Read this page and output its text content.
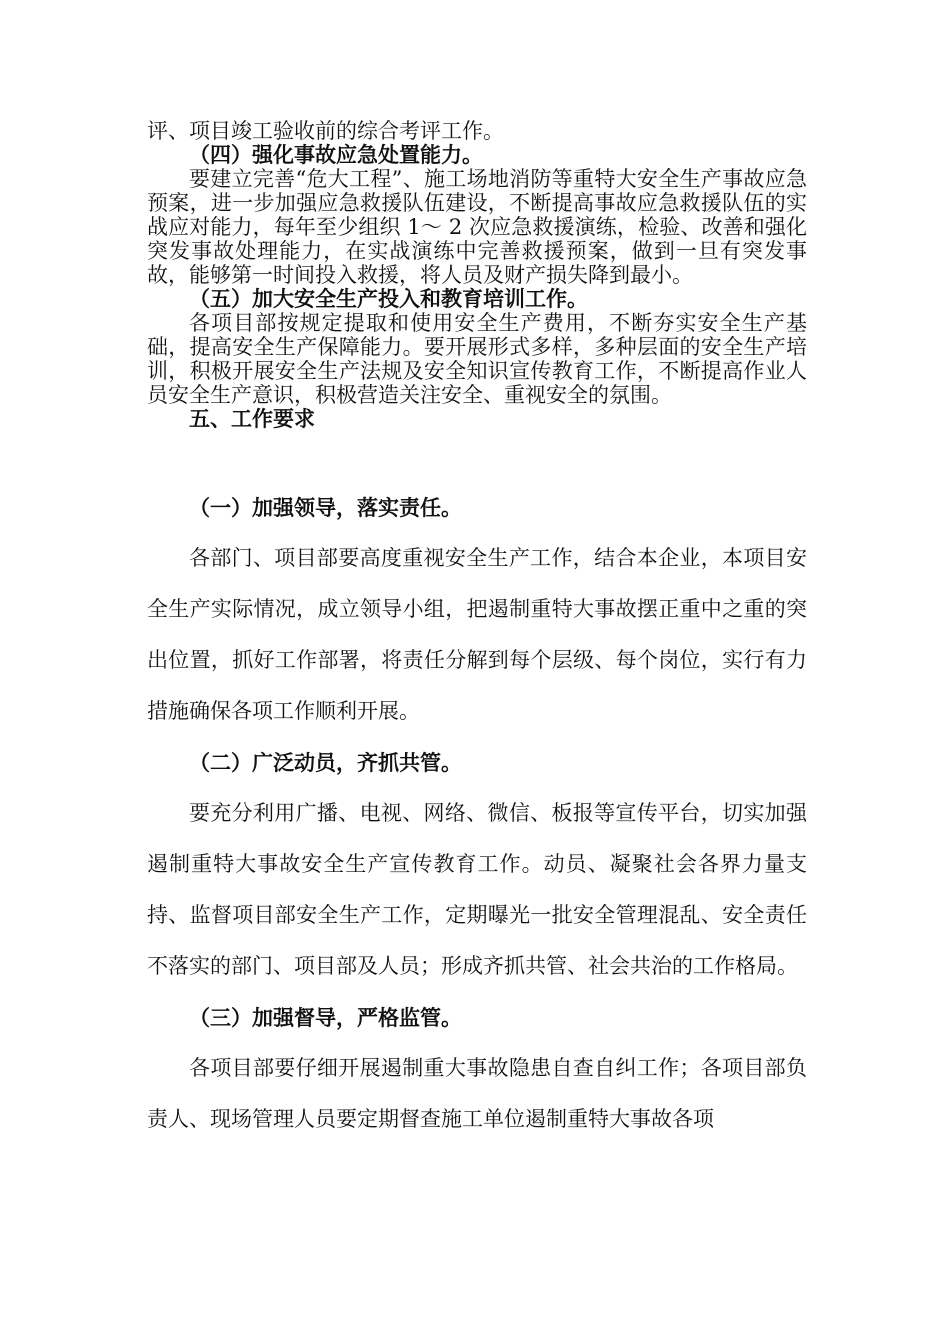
评、项目竣工验收前的综合考评工作。

（四）强化事故应急处置能力。

要建立完善“危大工程”、施工场地消防等重特大安全生产事故应急预案，进一步加强应急救援队伍建设，不断提高事故应急救援队伍的实战应对能力，每年至少组织 1～ 2 次应急救援演练，检验、改善和强化突发事故处理能力，在实战演练中完善救援预案，做到一旦有突发事故，能够第一时间投入救援，将人员及财产损失降到最小。

（五）加大安全生产投入和教育培训工作。

各项目部按规定提取和使用安全生产费用，不断夯实安全生产基础，提高安全生产保障能力。要开展形式多样，多种层面的安全生产培训，积极开展安全生产法规及安全知识宣传教育工作，不断提高作业人员安全生产意识，积极营造关注安全、重视安全的氛围。

五、工作要求

（一）加强领导，落实责任。

各部门、项目部要高度重视安全生产工作，结合本企业，本项目安全生产实际情况，成立领导小组，把遏制重特大事故摆正重中之重的突出位置，抓好工作部署，将责任分解到每个层级、每个岗位，实行有力措施确保各项工作顺利开展。

（二）广泛动员，齐抓共管。

要充分利用广播、电视、网络、微信、板报等宣传平台，切实加强遏制重特大事故安全生产宣传教育工作。动员、凝聚社会各界力量支持、监督项目部安全生产工作，定期曝光一批安全管理混乱、安全责任不落实的部门、项目部及人员；形成齐抓共管、社会共治的工作格局。

（三）加强督导，严格监管。

各项目部要仔细开展遏制重大事故隐患自查自纠工作；各项目部负责人、现场管理人员要定期督查施工单位遏制重特大事故各项
